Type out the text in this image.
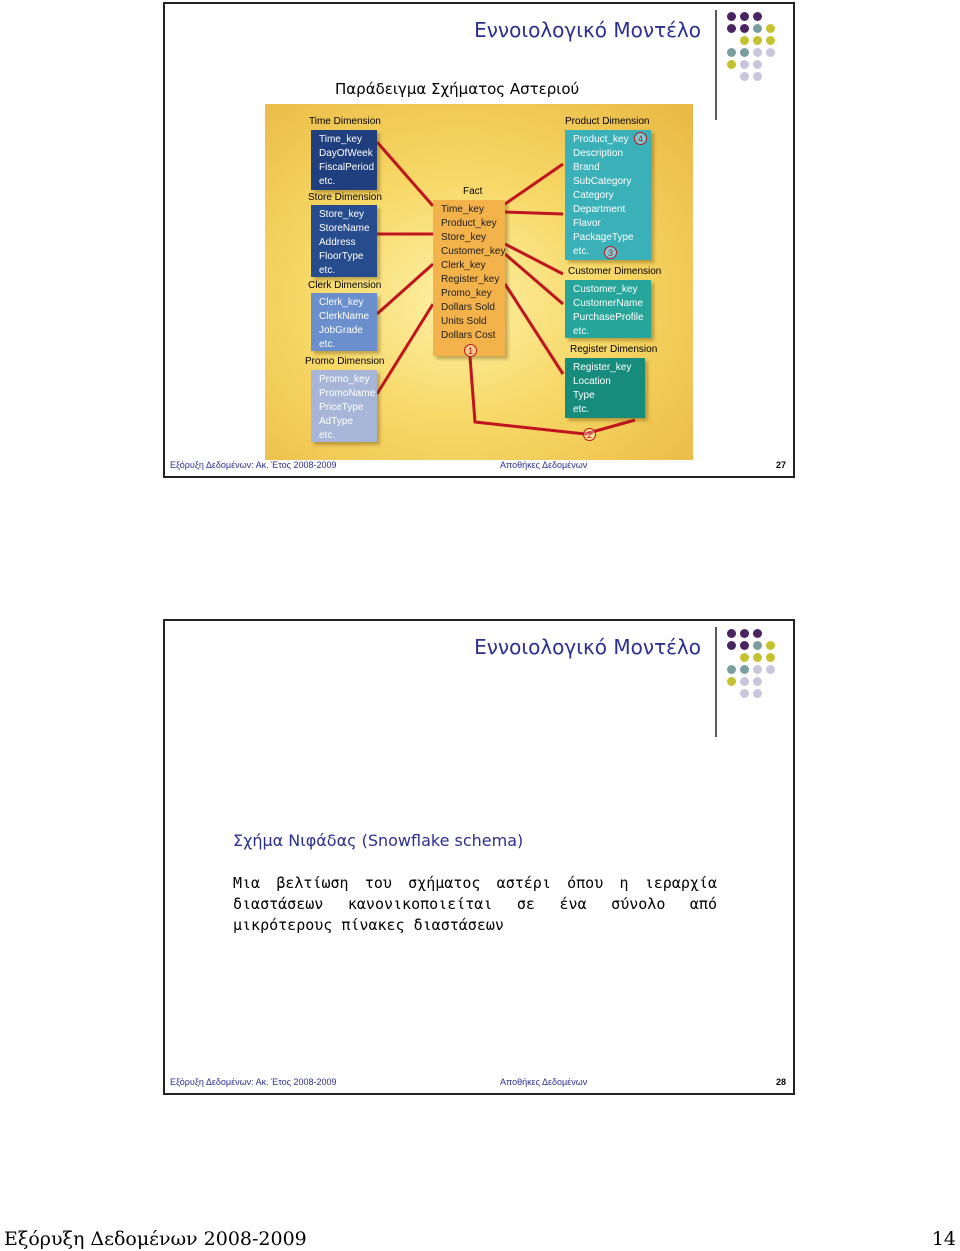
Εννοιολογικό Μοντέλο
Παράδειγμα Σχήματος Αστεριού
Time Dimension
Time_key
DayOfWeek
FiscalPeriod
etc.
Store Dimension
Store_key
StoreName
Address
FloorType
etc.
Clerk Dimension
Clerk_key
ClerkName
JobGrade
etc.
Promo Dimension
Promo_key
PromoName
PriceType
AdType
etc.
Fact
Time_key
Product_key
Store_key
Customer_key
Clerk_key
Register_key
Promo_key
Dollars Sold
Units Sold
Dollars Cost
Product Dimension
Product_key
Description
Brand
SubCategory
Category
Department
Flavor
PackageType
etc.
4
3
Customer Dimension
Customer_key
CustomerName
PurchaseProfile
etc.
Register Dimension
Register_key
Location
Type
etc.
1
2
Εξόρυξη Δεδομένων: Ακ. Έτος 2008-2009	Αποθήκες Δεδομένων	27
Εννοιολογικό Μοντέλο
Σχήμα Νιφάδας (Snowflake schema)
Μια βελτίωση του σχήματος αστέρι όπου η ιεραρχία διαστάσεων κανονικοποιείται σε ένα σύνολο από μικρότερους πίνακες διαστάσεων
Εξόρυξη Δεδομένων: Ακ. Έτος 2008-2009	Αποθήκες Δεδομένων	28
Εξόρυξη Δεδομένων 2008-2009	14
